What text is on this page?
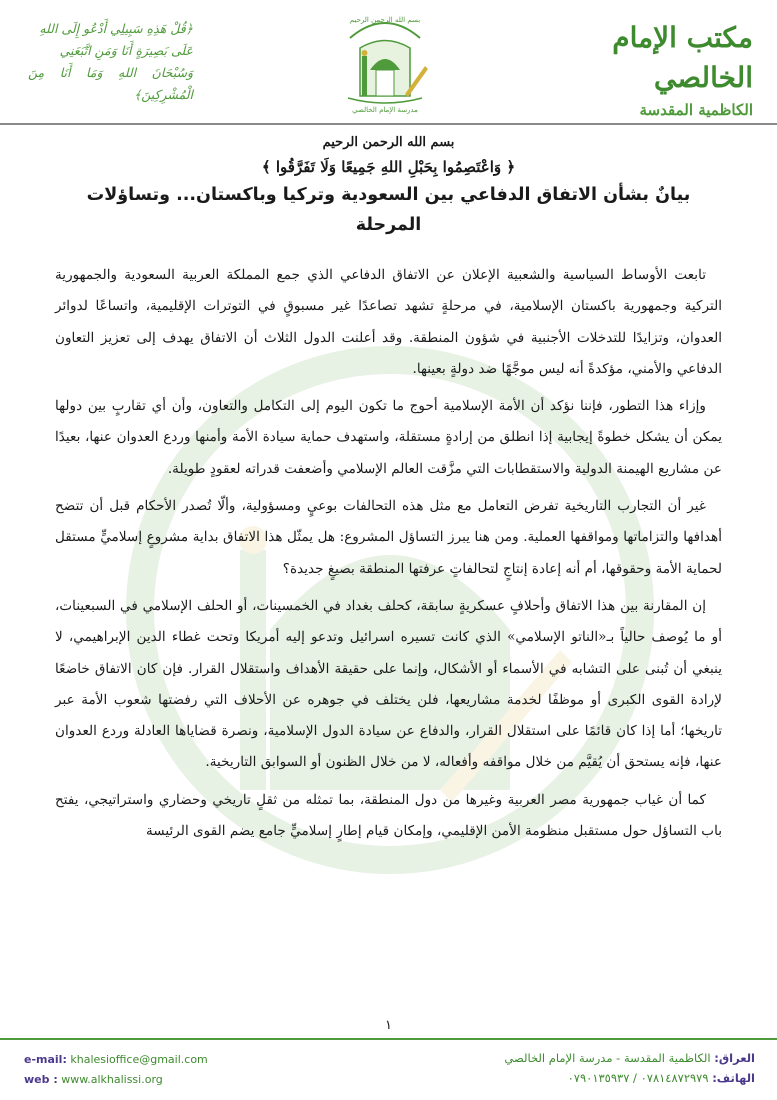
﴿قُلْ هَذِهِ سَبِيلِي أَدْعُو إِلَى اللهِ
عَلَى بَصِيرَةٍ أَنَا وَمَنِ اتَّبَعَنِي
وَسُبْحَانَ اللهِ وَمَا أَنَا مِنَ الْمُشْرِكِينَ﴾
بسم الله الرحمن الرحيم
مدرسة الإمام الخالصي
مكتب الإمام الخالصي
الكاظمية المقدسة
بسم الله الرحمن الرحيم
﴿ وَاعْتَصِمُوا بِحَبْلِ اللهِ جَمِيعًا وَلَا تَفَرَّقُوا ﴾
بيانٌ بشأن الاتفاق الدفاعي بين السعودية وتركيا وباكستان... وتساؤلات المرحلة

تابعت الأوساط السياسية والشعبية الإعلان عن الاتفاق الدفاعي الذي جمع المملكة العربية السعودية والجمهورية التركية وجمهورية باكستان الإسلامية، في مرحلةٍ تشهد تصاعدًا غير مسبوقٍ في التوترات الإقليمية، واتساعًا لدوائر العدوان، وتزايدًا للتدخلات الأجنبية في شؤون المنطقة. وقد أعلنت الدول الثلاث أن الاتفاق يهدف إلى تعزيز التعاون الدفاعي والأمني، مؤكدةً أنه ليس موجَّهًا ضد دولةٍ بعينها.

وإزاء هذا التطور، فإننا نؤكد أن الأمة الإسلامية أحوج ما تكون اليوم إلى التكامل والتعاون، وأن أي تقاربٍ بين دولها يمكن أن يشكل خطوةً إيجابية إذا انطلق من إرادةٍ مستقلة، واستهدف حماية سيادة الأمة وأمنها وردع العدوان عنها، بعيدًا عن مشاريع الهيمنة الدولية والاستقطابات التي مزَّقت العالم الإسلامي وأضعفت قدراته لعقودٍ طويلة.

غير أن التجارب التاريخية تفرض التعامل مع مثل هذه التحالفات بوعيٍ ومسؤولية، وألّا تُصدر الأحكام قبل أن تتضح أهدافها والتزاماتها ومواقفها العملية. ومن هنا يبرز التساؤل المشروع: هل يمثّل هذا الاتفاق بداية مشروعٍ إسلاميٍّ مستقل لحماية الأمة وحقوقها، أم أنه إعادة إنتاجٍ لتحالفاتٍ عرفتها المنطقة بصيغٍ جديدة؟

إن المقارنة بين هذا الاتفاق وأحلافٍ عسكريةٍ سابقة، كحلف بغداد في الخمسينات، أو الحلف الإسلامي في السبعينات، أو ما يُوصف حالياً بـ«الناتو الإسلامي» الذي كانت تسيره اسرائيل وتدعو إليه أمريكا وتحت غطاء الدين الإبراهيمي، لا ينبغي أن تُبنى على التشابه في الأسماء أو الأشكال، وإنما على حقيقة الأهداف واستقلال القرار. فإن كان الاتفاق خاضعًا لإرادة القوى الكبرى أو موظفًا لخدمة مشاريعها، فلن يختلف في جوهره عن الأحلاف التي رفضتها شعوب الأمة عبر تاريخها؛ أما إذا كان قائمًا على استقلال القرار، والدفاع عن سيادة الدول الإسلامية، ونصرة قضاياها العادلة وردع العدوان عنها، فإنه يستحق أن يُقيَّم من خلال مواقفه وأفعاله، لا من خلال الظنون أو السوابق التاريخية.

كما أن غياب جمهورية مصر العربية وغيرها من دول المنطقة، بما تمثله من ثقلٍ تاريخي وحضاري واستراتيجي، يفتح باب التساؤل حول مستقبل منظومة الأمن الإقليمي، وإمكان قيام إطارٍ إسلاميٍّ جامع يضم القوى الرئيسة

١
e-mail: khalesioffice@gmail.com
web : www.alkhalissi.org
العراق: الكاظمية المقدسة - مدرسة الإمام الخالصي
الهاتف: ٠٧٨١٤٨٧٢٩٧٩ / ٠٧٩٠١٣٥٩٣٧
